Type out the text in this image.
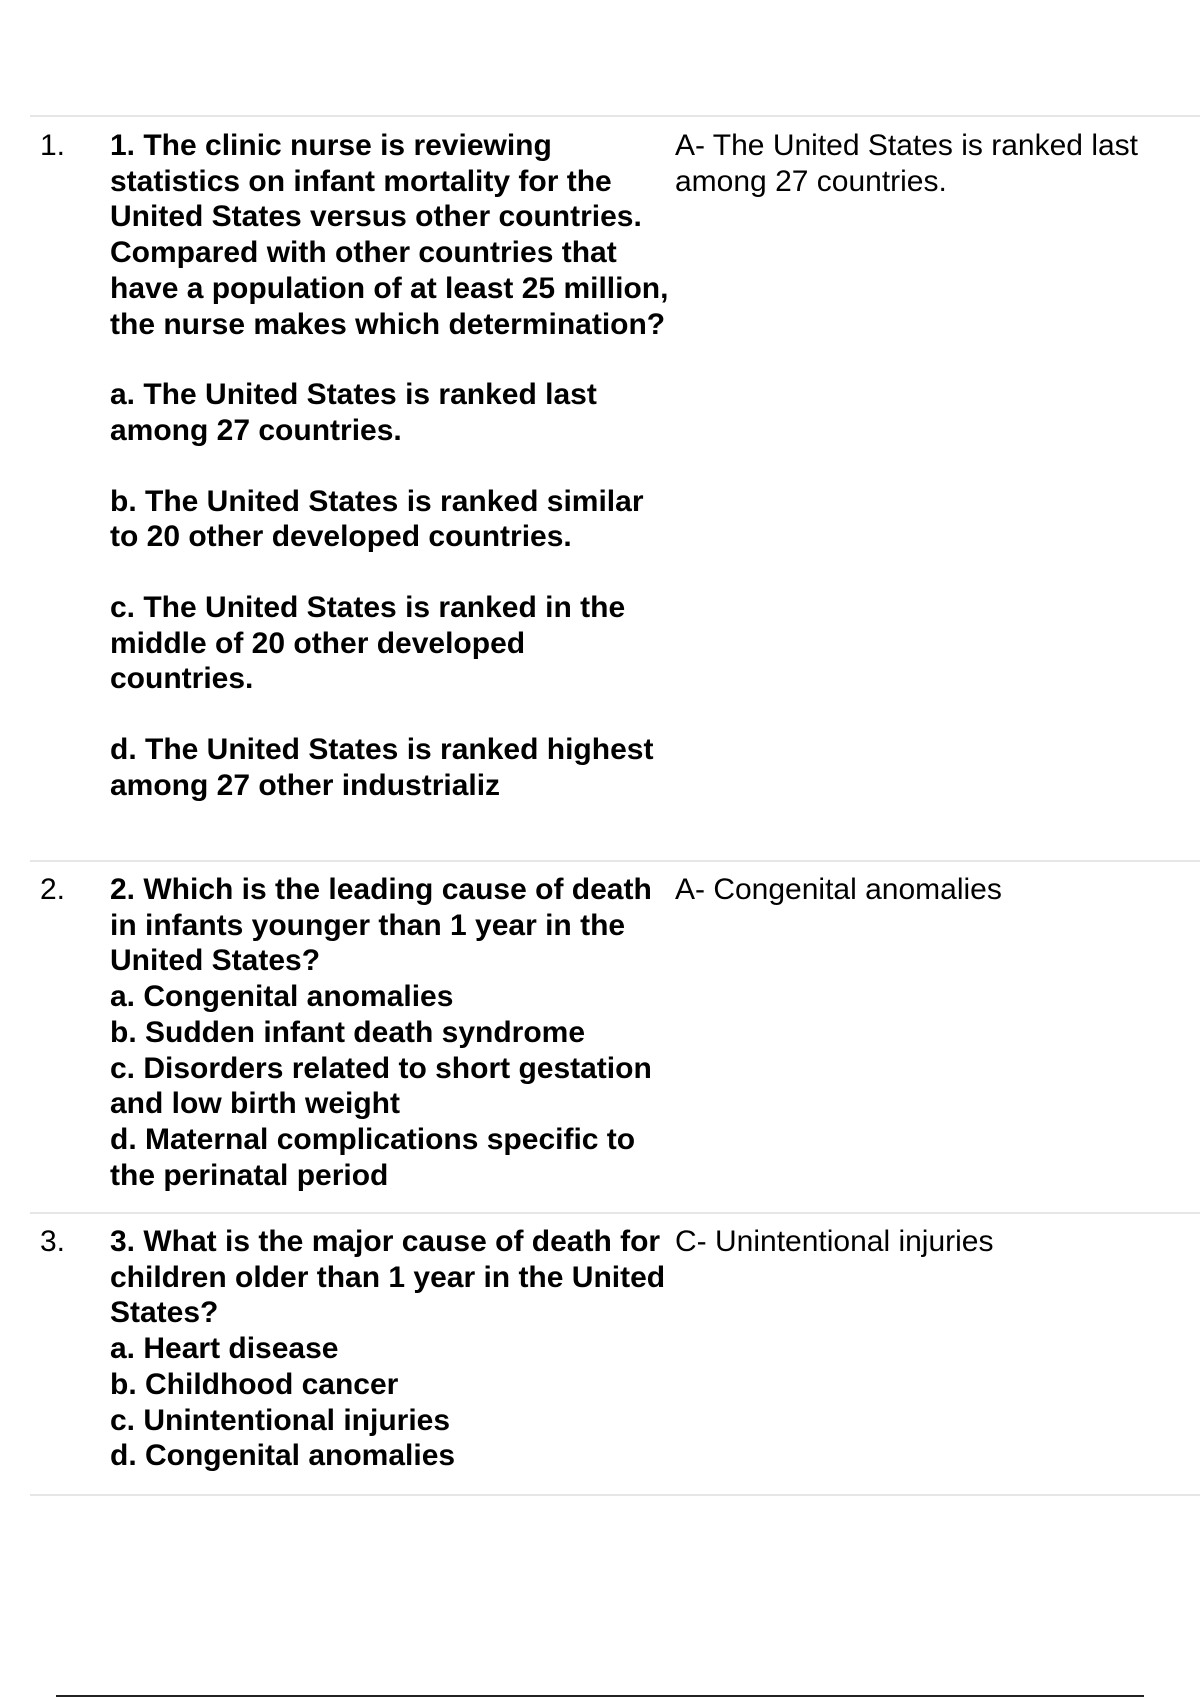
1. 1. The clinic nurse is reviewing statistics on infant mortality for the United States versus other countries. Compared with other countries that have a population of at least 25 million, the nurse makes which determination?

a. The United States is ranked last among 27 countries.

b. The United States is ranked similar to 20 other developed countries.

c. The United States is ranked in the middle of 20 other developed countries.

d. The United States is ranked highest among 27 other industrializ

A- The United States is ranked last among 27 countries.
2. 2. Which is the leading cause of death in infants younger than 1 year in the United States?

a. Congenital anomalies

b. Sudden infant death syndrome

c. Disorders related to short gestation and low birth weight

d. Maternal complications specific to the perinatal period

A- Congenital anomalies
3. 3. What is the major cause of death for children older than 1 year in the United States?

a. Heart disease

b. Childhood cancer

c. Unintentional injuries

d. Congenital anomalies

C- Unintentional injuries
